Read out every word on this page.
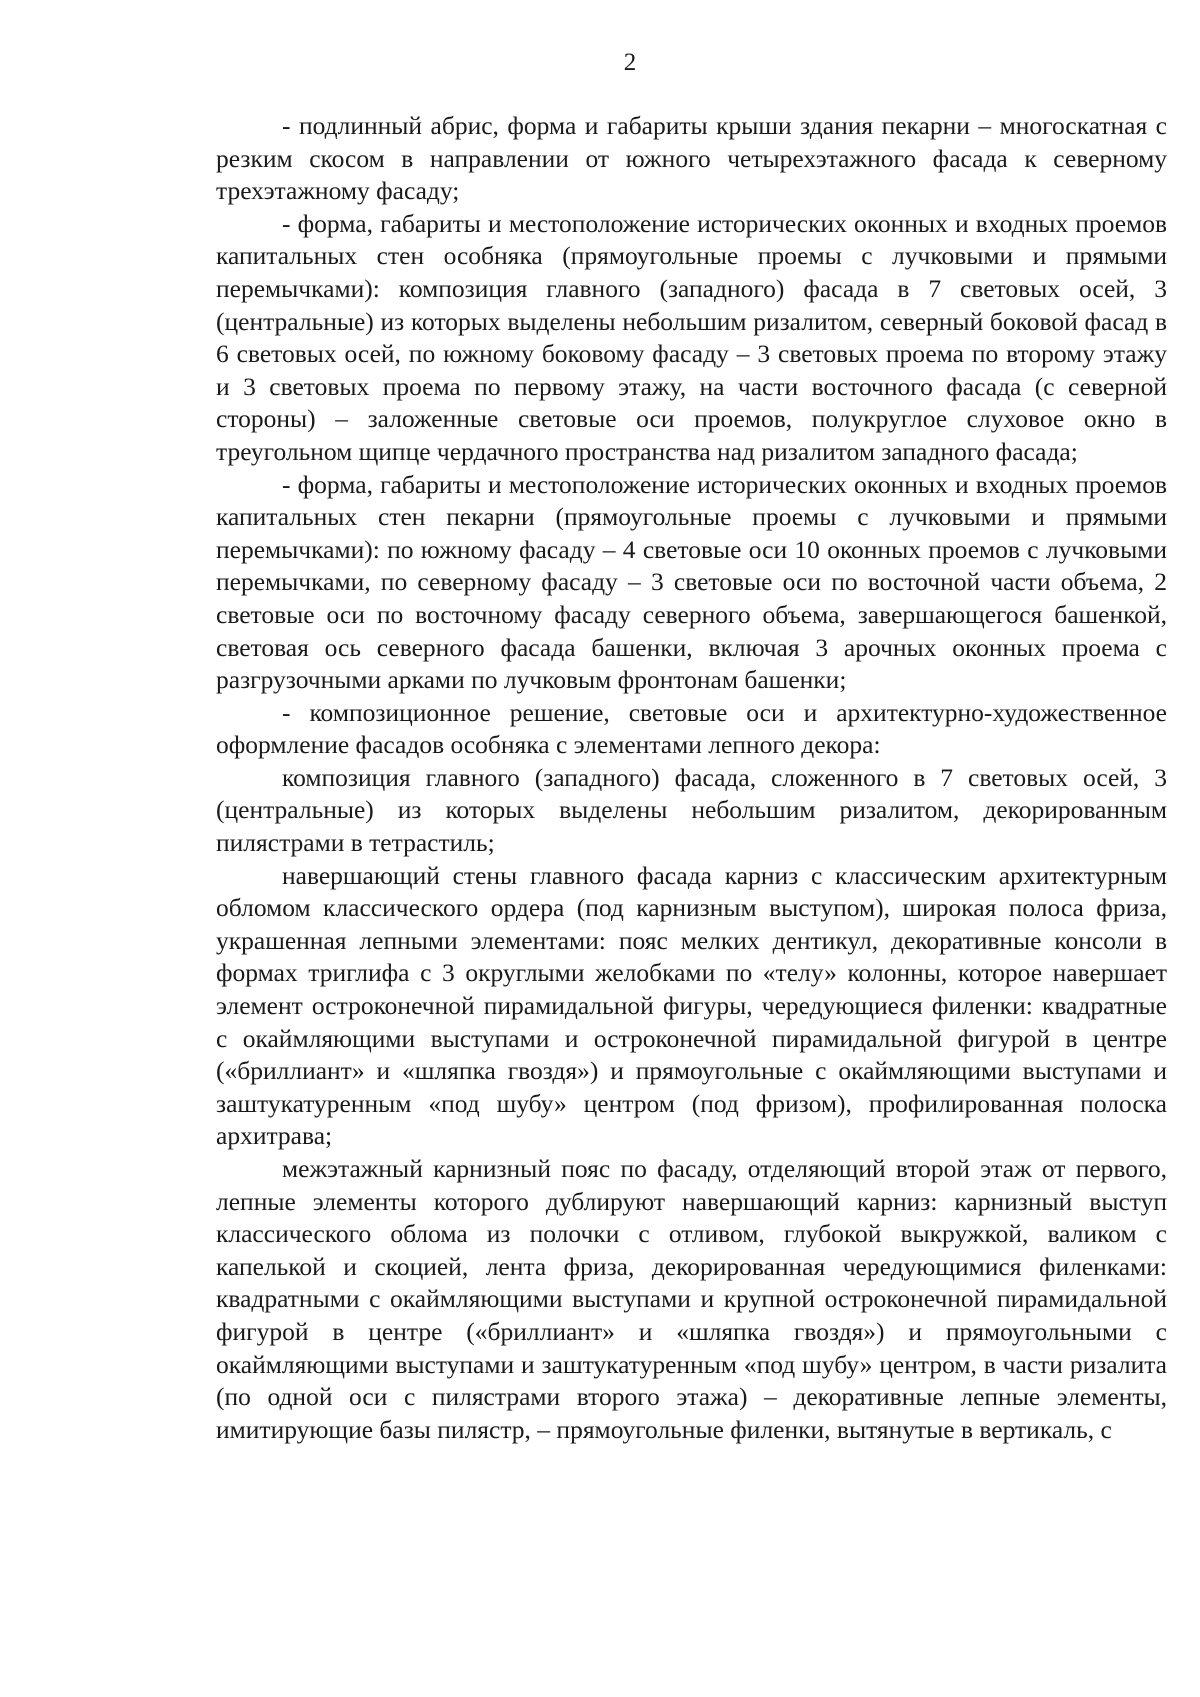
2

- подлинный абрис, форма и габариты крыши здания пекарни – многоскатная с резким скосом в направлении от южного четырехэтажного фасада к северному трехэтажному фасаду;

- форма, габариты и местоположение исторических оконных и входных проемов капитальных стен особняка (прямоугольные проемы с лучковыми и прямыми перемычками): композиция главного (западного) фасада в 7 световых осей, 3 (центральные) из которых выделены небольшим ризалитом, северный боковой фасад в 6 световых осей, по южному боковому фасаду – 3 световых проема по второму этажу и 3 световых проема по первому этажу, на части восточного фасада (с северной стороны) – заложенные световые оси проемов, полукруглое слуховое окно в треугольном щипце чердачного пространства над ризалитом западного фасада;

- форма, габариты и местоположение исторических оконных и входных проемов капитальных стен пекарни (прямоугольные проемы с лучковыми и прямыми перемычками): по южному фасаду – 4 световые оси 10 оконных проемов с лучковыми перемычками, по северному фасаду – 3 световые оси по восточной части объема, 2 световые оси по восточному фасаду северного объема, завершающегося башенкой, световая ось северного фасада башенки, включая 3 арочных оконных проема с разгрузочными арками по лучковым фронтонам башенки;

- композиционное решение, световые оси и архитектурно-художественное оформление фасадов особняка с элементами лепного декора:

композиция главного (западного) фасада, сложенного в 7 световых осей, 3 (центральные) из которых выделены небольшим ризалитом, декорированным пилястрами в тетрастиль;

навершающий стены главного фасада карниз с классическим архитектурным обломом классического ордера (под карнизным выступом), широкая полоса фриза, украшенная лепными элементами: пояс мелких дентикул, декоративные консоли в формах триглифа с 3 округлыми желобками по «телу» колонны, которое навершает элемент остроконечной пирамидальной фигуры, чередующиеся филенки: квадратные с окаймляющими выступами и остроконечной пирамидальной фигурой в центре («бриллиант» и «шляпка гвоздя») и прямоугольные с окаймляющими выступами и заштукатуренным «под шубу» центром (под фризом), профилированная полоска архитрава;

межэтажный карнизный пояс по фасаду, отделяющий второй этаж от первого, лепные элементы которого дублируют навершающий карниз: карнизный выступ классического облома из полочки с отливом, глубокой выкружкой, валиком с капелькой и скоцией, лента фриза, декорированная чередующимися филенками: квадратными с окаймляющими выступами и крупной остроконечной пирамидальной фигурой в центре («бриллиант» и «шляпка гвоздя») и прямоугольными с окаймляющими выступами и заштукатуренным «под шубу» центром, в части ризалита (по одной оси с пилястрами второго этажа) – декоративные лепные элементы, имитирующие базы пилястр, – прямоугольные филенки, вытянутые в вертикаль, с
